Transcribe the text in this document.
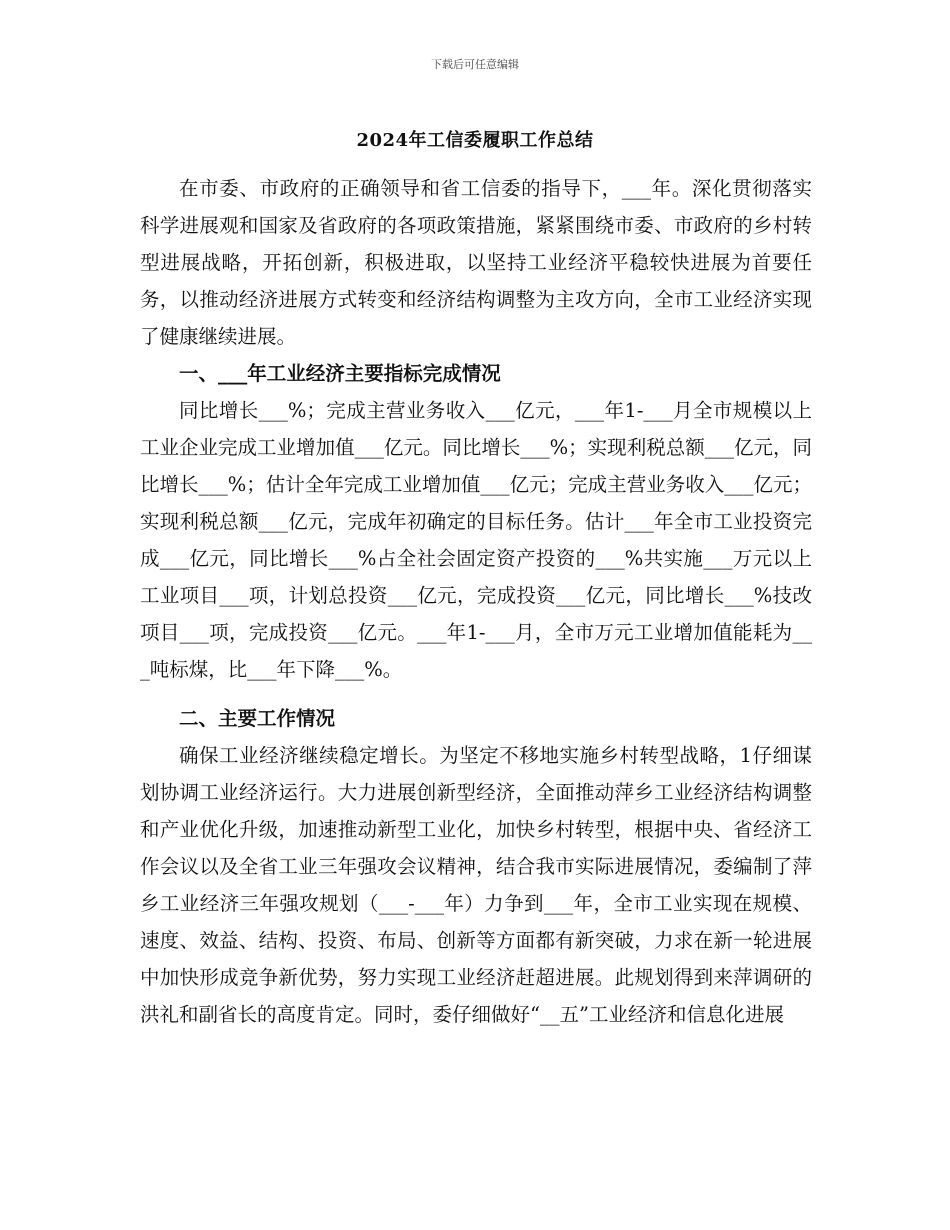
下载后可任意编辑
2024年工信委履职工作总结

在市委、市政府的正确领导和省工信委的指导下，___年。深化贯彻落实科学进展观和国家及省政府的各项政策措施，紧紧围绕市委、市政府的乡村转型进展战略，开拓创新，积极进取，以坚持工业经济平稳较快进展为首要任务，以推动经济进展方式转变和经济结构调整为主攻方向，全市工业经济实现了健康继续进展。

一、___年工业经济主要指标完成情况

同比增长___%；完成主营业务收入___亿元，___年1-___月全市规模以上工业企业完成工业增加值___亿元。同比增长___%；实现利税总额___亿元，同比增长___%；估计全年完成工业增加值___亿元；完成主营业务收入___亿元；实现利税总额___亿元，完成年初确定的目标任务。估计___年全市工业投资完成___亿元，同比增长___%占全社会固定资产投资的___%共实施___万元以上工业项目___项，计划总投资___亿元，完成投资___亿元，同比增长___%技改项目___项，完成投资___亿元。___年1-___月，全市万元工业增加值能耗为___吨标煤，比___年下降___%。

二、主要工作情况

确保工业经济继续稳定增长。为坚定不移地实施乡村转型战略，1仔细谋划协调工业经济运行。大力进展创新型经济，全面推动萍乡工业经济结构调整和产业优化升级，加速推动新型工业化，加快乡村转型，根据中央、省经济工作会议以及全省工业三年强攻会议精神，结合我市实际进展情况，委编制了萍乡工业经济三年强攻规划（___-___年）力争到___年，全市工业实现在规模、速度、效益、结构、投资、布局、创新等方面都有新突破，力求在新一轮进展中加快形成竞争新优势，努力实现工业经济赶超进展。此规划得到来萍调研的洪礼和副省长的高度肯定。同时，委仔细做好“__五”工业经济和信息化进展
